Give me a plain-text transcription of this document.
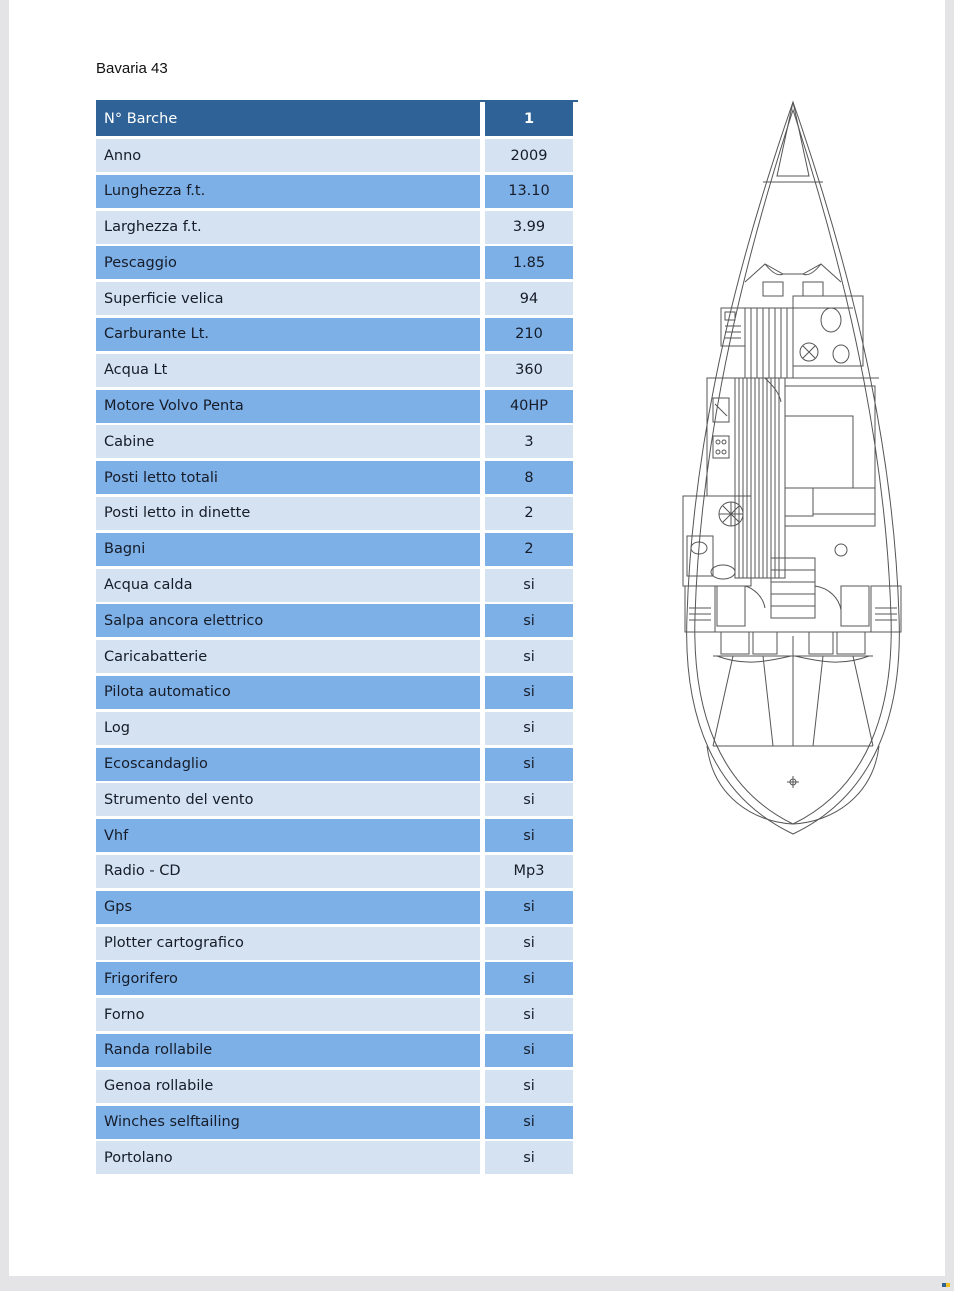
Bavaria 43
N° Barche	1
Anno	2009
Lunghezza f.t.	13.10
Larghezza f.t.	3.99
Pescaggio	1.85
Superficie velica	94
Carburante Lt.	210
Acqua Lt	360
Motore Volvo Penta	40HP
Cabine	3
Posti letto totali	8
Posti letto in dinette	2
Bagni	2
Acqua calda	si
Salpa ancora elettrico	si
Caricabatterie	si
Pilota automatico	si
Log	si
Ecoscandaglio	si
Strumento del vento	si
Vhf	si
Radio - CD	Mp3
Gps	si
Plotter cartografico	si
Frigorifero	si
Forno	si
Randa rollabile	si
Genoa rollabile	si
Winches selftailing	si
Portolano	si
